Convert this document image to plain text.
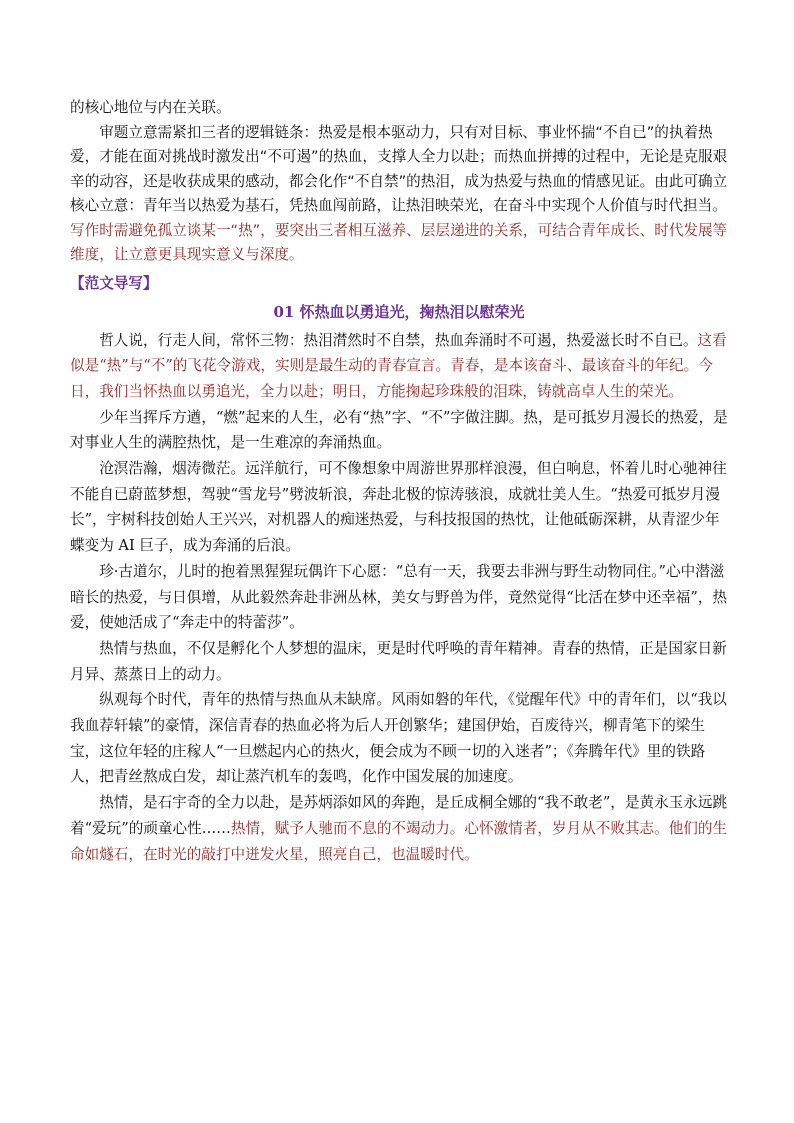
的核心地位与内在关联。

审题立意需紧扣三者的逻辑链条：热爱是根本驱动力，只有对目标、事业怀揣“不自已”的执着热爱，才能在面对挑战时激发出“不可遏”的热血，支撑人全力以赴；而热血拼搏的过程中，无论是克服艰辛的动容，还是收获成果的感动，都会化作“不自禁”的热泪，成为热爱与热血的情感见证。由此可确立核心立意：青年当以热爱为基石，凭热血闯前路，让热泪映荣光，在奋斗中实现个人价值与时代担当。写作时需避免孤立谈某一“热”，要突出三者相互滋养、层层递进的关系，可结合青年成长、时代发展等维度，让立意更具现实意义与深度。

【范文导写】
01 怀热血以勇追光，掬热泪以慰荣光

哲人说，行走人间，常怀三物：热泪潸然时不自禁，热血奔涌时不可遏，热爱滋长时不自已。这看似是“热”与“不”的飞花令游戏，实则是最生动的青春宣言。青春，是本该奋斗、最该奋斗的年纪。今日，我们当怀热血以勇追光，全力以赴；明日，方能掬起珍珠般的泪珠，铸就高卓人生的荣光。

少年当挥斥方遒，“燃”起来的人生，必有“热”字、“不”字做注脚。热，是可抵岁月漫长的热爱，是对事业人生的满腔热忱，是一生难凉的奔涌热血。

沧溟浩瀚，烟涛微茫。远洋航行，可不像想象中周游世界那样浪漫，但白响息，怀着儿时心驰神往不能自已蔚蓝梦想，驾驶“雪龙号”劈波斩浪，奔赴北极的惊涛骇浪，成就壮美人生。“热爱可抵岁月漫长”，宇树科技创始人王兴兴，对机器人的痴迷热爱，与科技报国的热忱，让他砥砺深耕，从青涩少年蝶变为 AI 巨子，成为奔涌的后浪。

珍·古道尔，儿时的抱着黑猩猩玩偶许下心愿：“总有一天，我要去非洲与野生动物同住。”心中潜滋暗长的热爱，与日俱增，从此毅然奔赴非洲丛林，美女与野兽为伴，竟然觉得“比活在梦中还幸福”，热爱，使她活成了“奔走中的特蕾莎”。

热情与热血，不仅是孵化个人梦想的温床，更是时代呼唤的青年精神。青春的热情，正是国家日新月异、蒸蒸日上的动力。

纵观每个时代，青年的热情与热血从未缺席。风雨如磐的年代，《觉醒年代》中的青年们，以“我以我血荐轩辕”的豪情，深信青春的热血必将为后人开创繁华；建国伊始，百废待兴，柳青笔下的梁生宝，这位年轻的庄稼人“一旦燃起内心的热火，便会成为不顾一切的入迷者”；《奔腾年代》里的铁路人，把青丝熬成白发，却让蒸汽机车的轰鸣，化作中国发展的加速度。

热情，是石宇奇的全力以赴，是苏炳添如风的奔跑，是丘成桐全娜的“我不敢老”，是黄永玉永远跳着“爱玩”的顽童心性……热情，赋予人驰而不息的不竭动力。心怀激情者，岁月从不败其志。他们的生命如燧石，在时光的敲打中迸发火星，照亮自己，也温暖时代。
